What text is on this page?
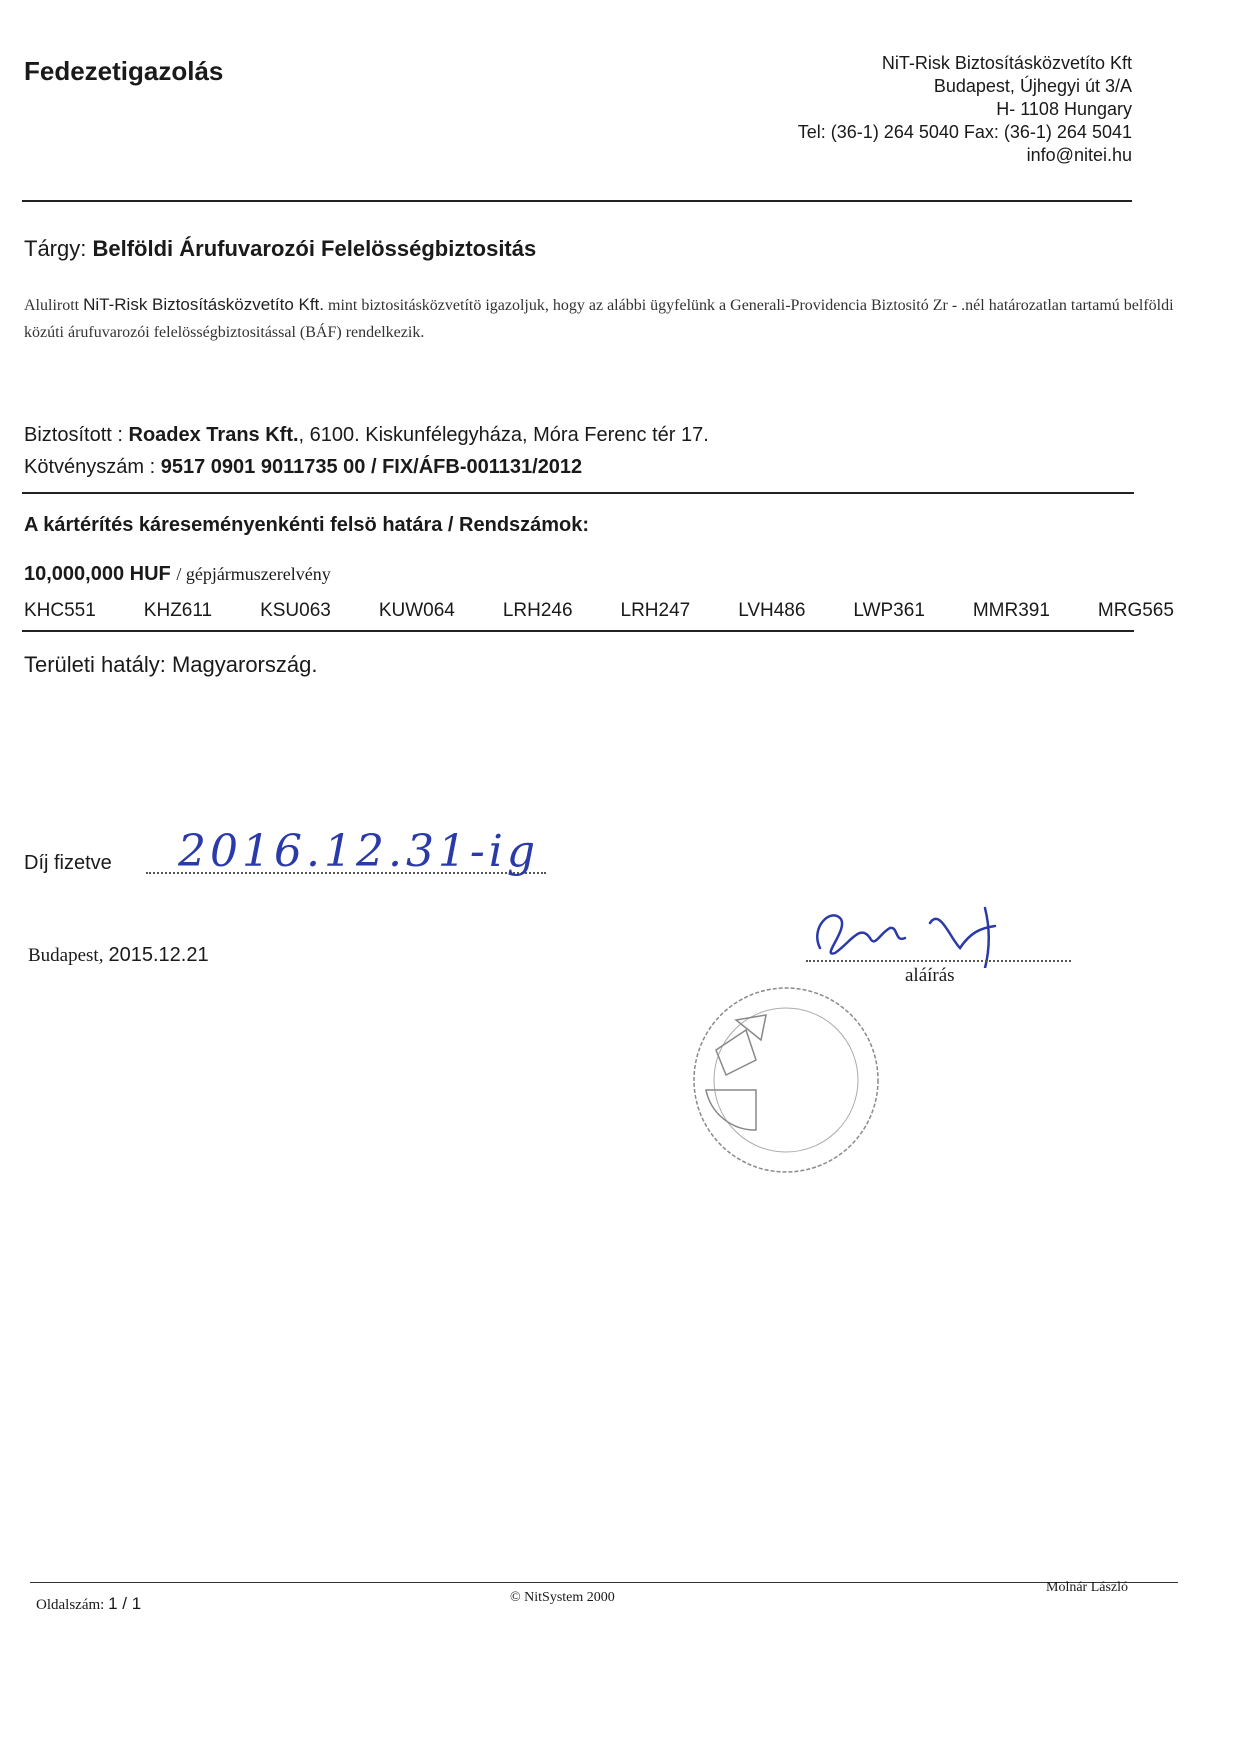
Fedezetigazolás	NiT-Risk Biztosításközvetíto Kft
Budapest, Újhegyi út 3/A
H- 1108 Hungary
Tel: (36-1) 264 5040 Fax: (36-1) 264 5041
info@nitei.hu
Tárgy: Belföldi Árufuvarozói Felelösségbiztositás
Alulirott NiT-Risk Biztosításközvetíto Kft. mint biztositásközvetítö igazoljuk, hogy az alábbi ügyfelünk a Generali-Providencia Biztositó Zr - .nél határozatlan tartamú belföldi közúti árufuvarozói felelösségbiztositással (BÁF) rendelkezik.
Biztosított : Roadex Trans Kft., 6100. Kiskunfélegyháza, Móra Ferenc tér 17.
Kötvényszám : 9517 0901 9011735 00 / FIX/ÁFB-001131/2012
A kártérítés káreseményenkénti felsö határa / Rendszámok:
10,000,000 HUF / gépjármuszerelvény
KHC551	KHZ611	KSU063	KUW064	LRH246	LRH247	LVH486	LWP361	MMR391	MRG565
Területi hatály: Magyarország.
Díj fizetve 2016.12.31-ig
Budapest, 2015.12.21
aláírás
Oldalszám: 1 / 1	© NitSystem 2000
Molnár László
